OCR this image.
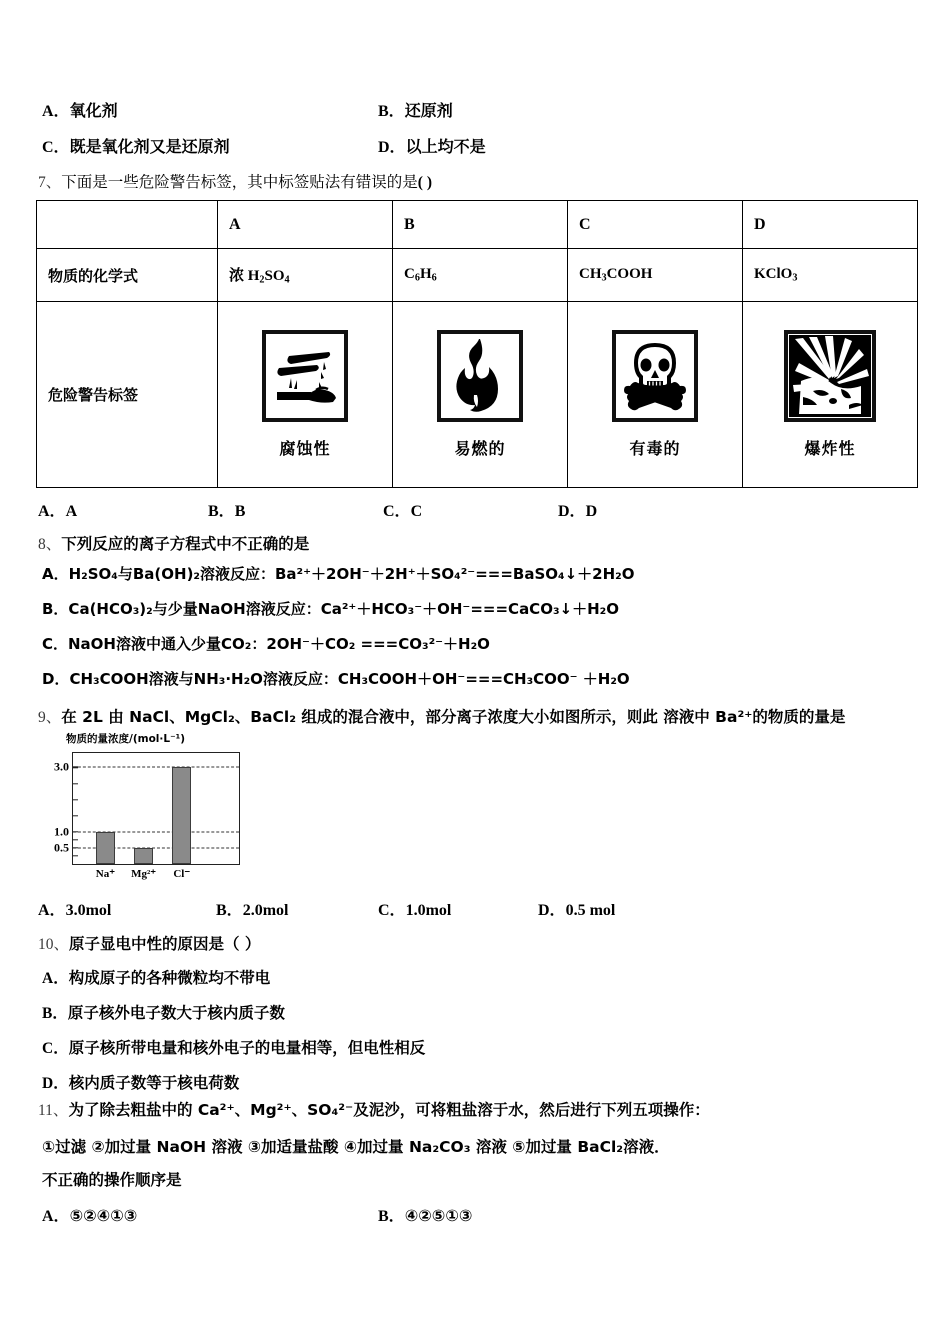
A．氧化剂	B．还原剂
C．既是氧化剂又是还原剂	D．以上均不是
7、下面是一些危险警告标签，其中标签贴法有错误的是( )

	A	B	C	D

物质的化学式	浓 $H_2SO_4$	$C_6H_6$	$CH_3COOH$	KClO$_3$

危险警告标签	腐蚀性	易燃的	有毒的	爆炸性
A．A	B．B	C．C	D．D
8、下列反应的离子方程式中不正确的是
A．H₂SO₄与Ba(OH)₂溶液反应：Ba²⁺＋2OH⁻＋2H⁺＋SO₄²⁻===BaSO₄↓＋2H₂O
B．Ca(HCO₃)₂与少量NaOH溶液反应：Ca²⁺＋HCO₃⁻＋OH⁻===CaCO₃↓＋H₂O
C．NaOH溶液中通入少量CO₂：2OH⁻＋CO₂ ===CO₃²⁻＋H₂O
D．CH₃COOH溶液与NH₃·H₂O溶液反应：CH₃COOH＋OH⁻===CH₃COO⁻ ＋H₂O
9、在 2L 由 NaCl、MgCl₂、BaCl₂ 组成的混合液中，部分离子浓度大小如图所示，则此 溶液中 Ba²⁺的物质的量是
物质的量浓度/(mol·L⁻¹)
3.0
1.0
0.5
Na⁺ Mg²⁺ Cl⁻
A．3.0mol	B．2.0mol	C．1.0mol	D．0.5 mol
10、原子显电中性的原因是（ ）
A．构成原子的各种微粒均不带电
B．原子核外电子数大于核内质子数
C．原子核所带电量和核外电子的电量相等，但电性相反
D．核内质子数等于核电荷数
11、为了除去粗盐中的 Ca²⁺、Mg²⁺、SO₄²⁻及泥沙，可将粗盐溶于水，然后进行下列五项操作：
①过滤 ②加过量 NaOH 溶液 ③加适量盐酸 ④加过量 Na₂CO₃ 溶液 ⑤加过量 BaCl₂溶液．
不正确的操作顺序是
A．⑤②④①③	B．④②⑤①③
